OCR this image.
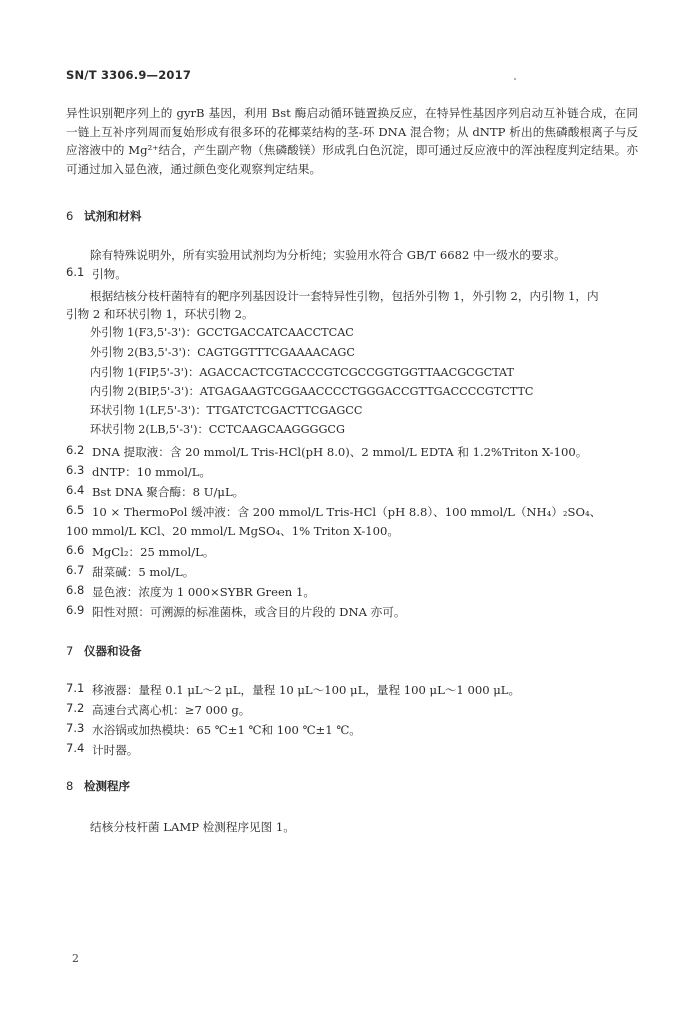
SN/T 3306.9—2017
异性识别靶序列上的 gyrB 基因，利用 Bst 酶启动循环链置换反应，在特异性基因序列启动互补链合成，在同一链上互补序列周而复始形成有很多环的花椰菜结构的茎-环 DNA 混合物；从 dNTP 析出的焦磷酸根离子与反应溶液中的 Mg²⁺结合，产生副产物（焦磷酸镁）形成乳白色沉淀，即可通过反应液中的浑浊程度判定结果。亦可通过加入显色液，通过颜色变化观察判定结果。
6 试剂和材料
除有特殊说明外，所有实验用试剂均为分析纯；实验用水符合 GB/T 6682 中一级水的要求。
6.1 引物。
根据结核分枝杆菌特有的靶序列基因设计一套特异性引物，包括外引物 1，外引物 2，内引物 1，内
引物 2 和环状引物 1，环状引物 2。
外引物 1(F3,5'-3')：GCCTGACCATCAACCTCAC
外引物 2(B3,5'-3')：CAGTGGTTTCGAAAACAGC
内引物 1(FIP,5'-3')：AGACCACTCGTACCCGTCGCCGGTGGTTAACGCGCTAT
内引物 2(BIP,5'-3')：ATGAGAAGTCGGAACCCCTGGGACCGTTGACCCCGTCTTC
环状引物 1(LF,5'-3')：TTGATCTCGACTTCGAGCC
环状引物 2(LB,5'-3')：CCTCAAGCAAGGGGCG
6.2 DNA 提取液：含 20 mmol/L Tris-HCl(pH 8.0)、2 mmol/L EDTA 和 1.2%Triton X-100。
6.3 dNTP：10 mmol/L。
6.4 Bst DNA 聚合酶：8 U/μL。
6.5 10 × ThermoPol 缓冲液：含 200 mmol/L Tris-HCl（pH 8.8）、100 mmol/L（NH₄）₂SO₄、
100 mmol/L KCl、20 mmol/L MgSO₄、1% Triton X-100。
6.6 MgCl₂：25 mmol/L。
6.7 甜菜碱：5 mol/L。
6.8 显色液：浓度为 1 000×SYBR Green 1。
6.9 阳性对照：可溯源的标准菌株，或含目的片段的 DNA 亦可。
7 仪器和设备
7.1 移液器：量程 0.1 μL～2 μL，量程 10 μL～100 μL，量程 100 μL～1 000 μL。
7.2 高速台式离心机：≥7 000 g。
7.3 水浴锅或加热模块：65 ℃±1 ℃和 100 ℃±1 ℃。
7.4 计时器。
8 检测程序
结核分枝杆菌 LAMP 检测程序见图 1。
2
